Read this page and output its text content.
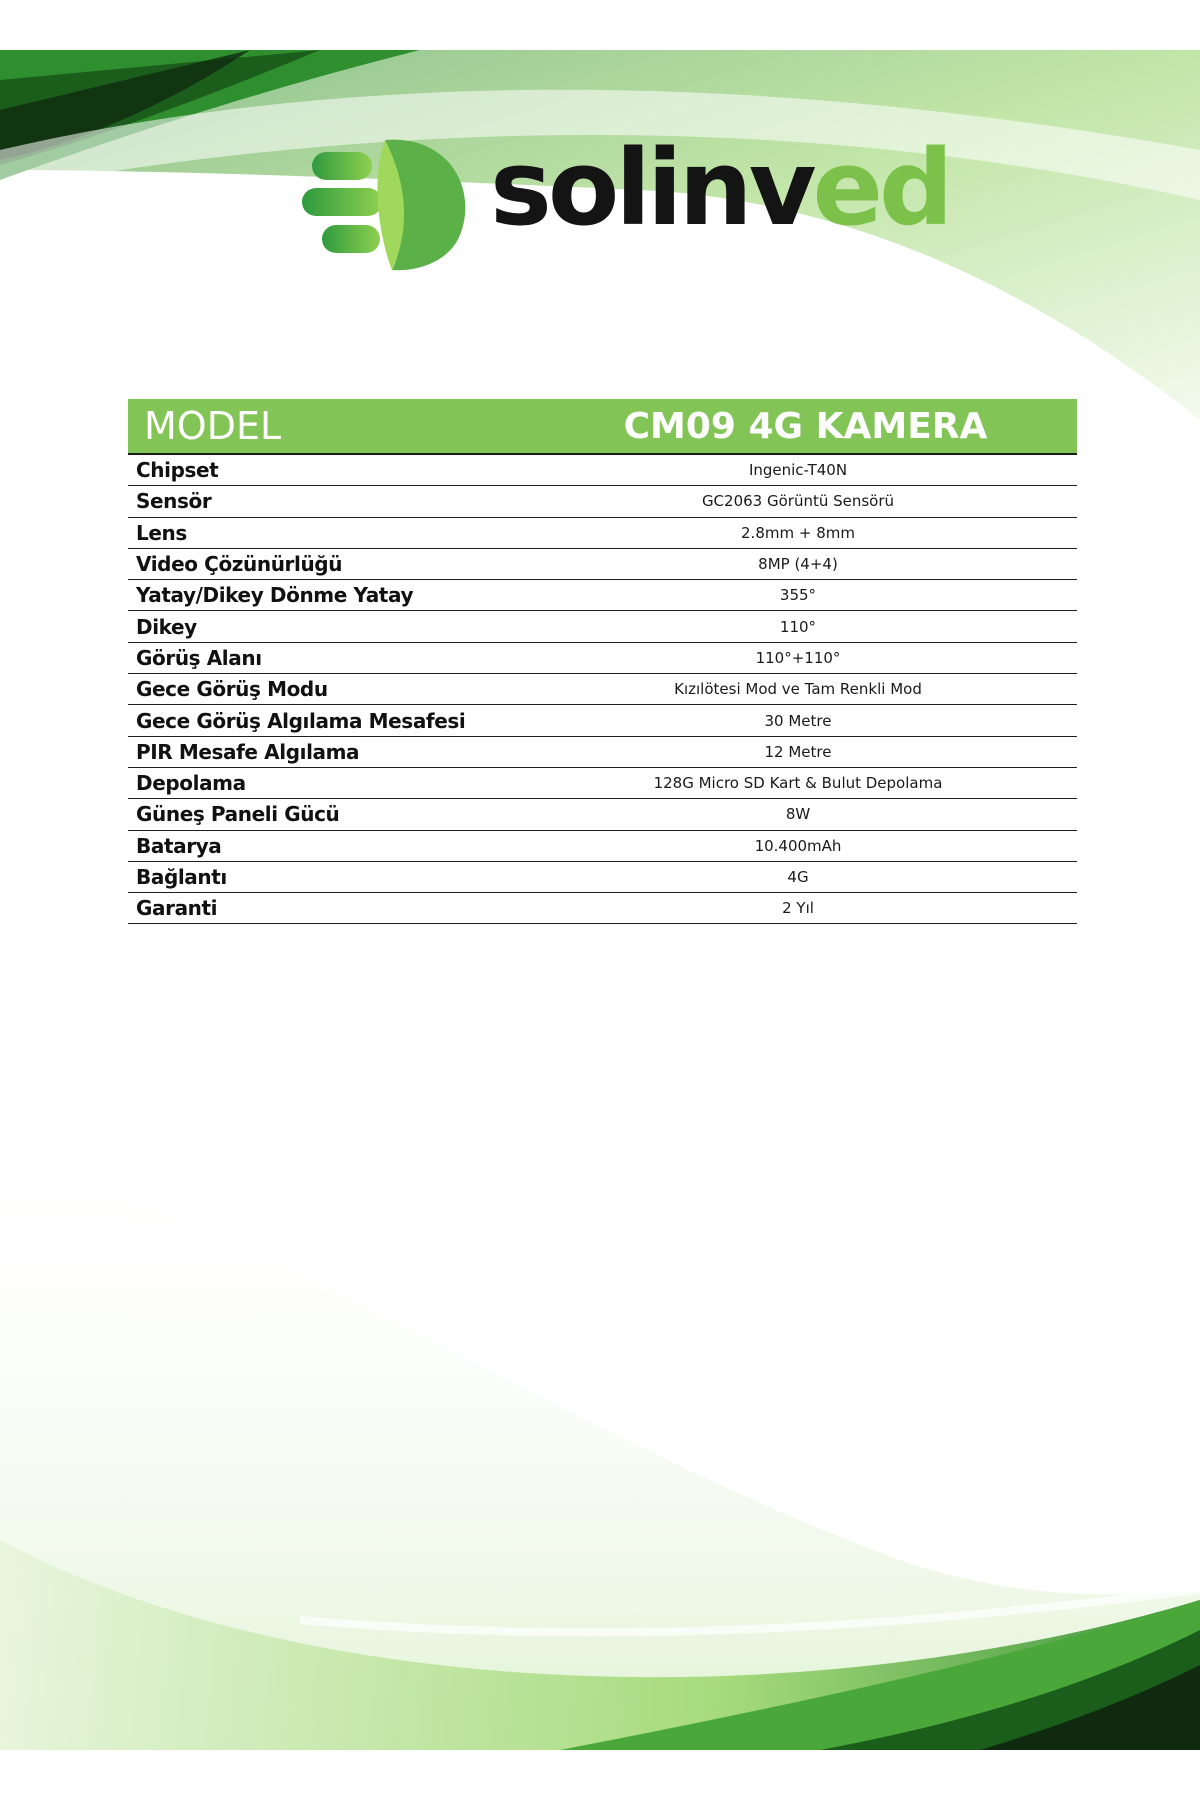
solinved
MODEL	CM09 4G KAMERA
Chipset	Ingenic-T40N
Sensör	GC2063 Görüntü Sensörü
Lens	2.8mm + 8mm
Video Çözünürlüğü	8MP (4+4)
Yatay/Dikey Dönme Yatay	355°
Dikey	110°
Görüş Alanı	110°+110°
Gece Görüş Modu	Kızılötesi Mod ve Tam Renkli Mod
Gece Görüş Algılama Mesafesi	30 Metre
PIR Mesafe Algılama	12 Metre
Depolama	128G Micro SD Kart & Bulut Depolama
Güneş Paneli Gücü	8W
Batarya	10.400mAh
Bağlantı	4G
Garanti	2 Yıl
